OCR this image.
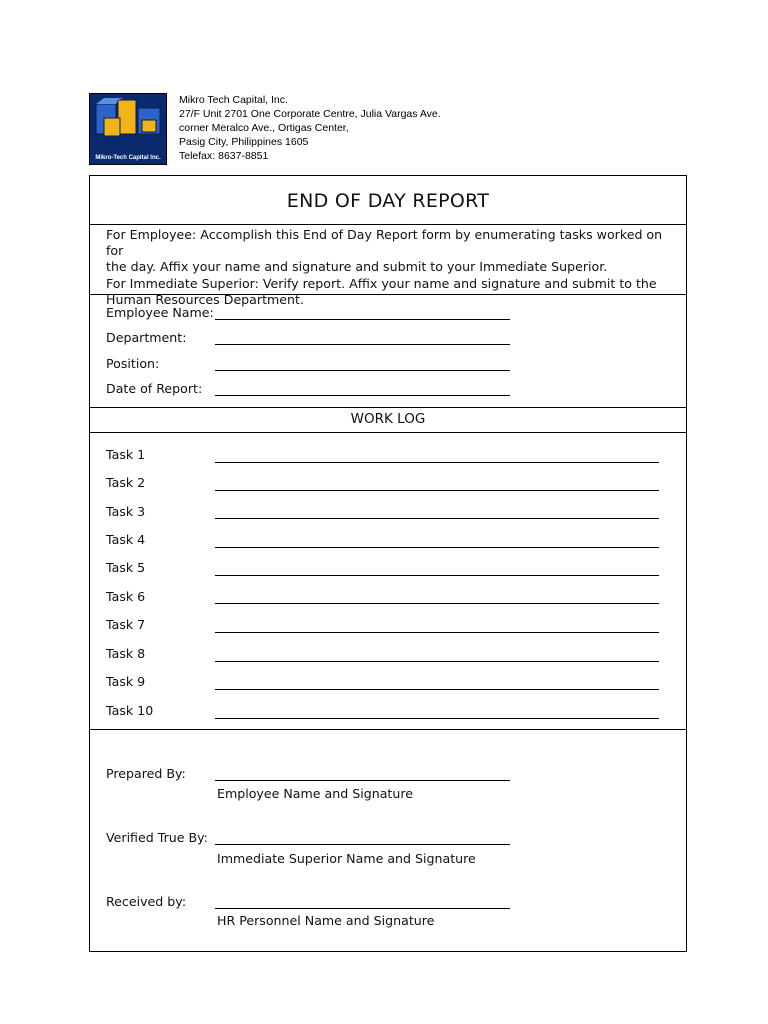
Mikro-Tech Capital Inc.
Mikro Tech Capital, Inc.
27/F Unit 2701 One Corporate Centre, Julia Vargas Ave.
corner Meralco Ave., Ortigas Center,
Pasig City, Philippines 1605
Telefax: 8637-8851
END OF DAY REPORT
For Employee: Accomplish this End of Day Report form by enumerating tasks worked on for
the day. Affix your name and signature and submit to your Immediate Superior.
For Immediate Superior: Verify report. Affix your name and signature and submit to the
Human Resources Department.
Employee Name:
Department:
Position:
Date of Report:
WORK LOG
Task 1
Task 2
Task 3
Task 4
Task 5
Task 6
Task 7
Task 8
Task 9
Task 10
Prepared By:
Employee Name and Signature
Verified True By:
Immediate Superior Name and Signature
Received by:
HR Personnel Name and Signature
